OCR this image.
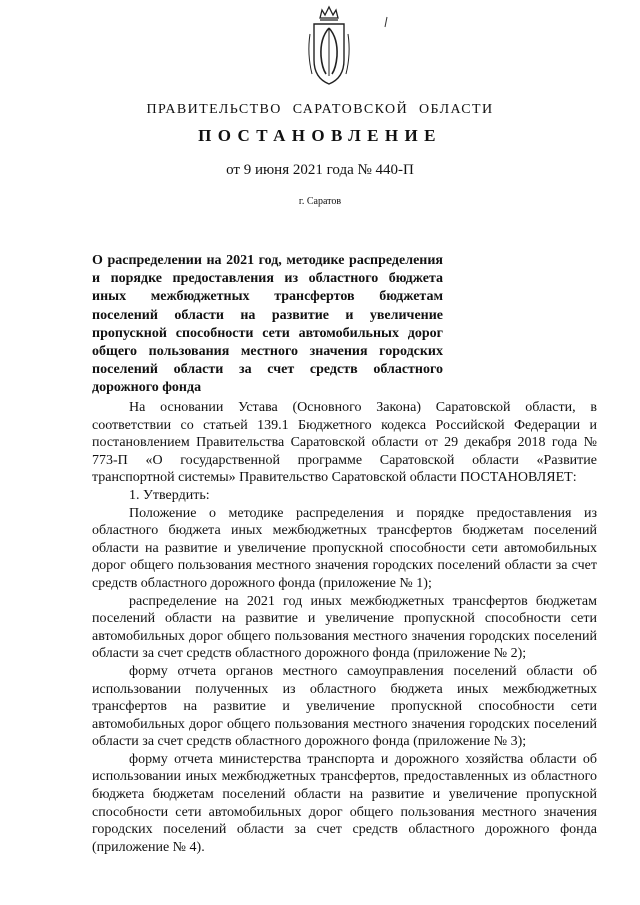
ПРАВИТЕЛЬСТВО САРАТОВСКОЙ ОБЛАСТИ
ПОСТАНОВЛЕНИЕ
от 9 июня 2021 года № 440-П
г. Саратов

О распределении на 2021 год, методике распределения и порядке предоставления из областного бюджета иных межбюджетных трансфертов бюджетам поселений области на развитие и увеличение пропускной способности сети автомобильных дорог общего пользования местного значения городских поселений области за счет средств областного дорожного фонда

На основании Устава (Основного Закона) Саратовской области, в соответствии со статьей 139.1 Бюджетного кодекса Российской Федерации и постановлением Правительства Саратовской области от 29 декабря 2018 года № 773-П «О государственной программе Саратовской области «Развитие транспортной системы» Правительство Саратовской области ПОСТАНОВЛЯЕТ:

1. Утвердить:

Положение о методике распределения и порядке предоставления из областного бюджета иных межбюджетных трансфертов бюджетам поселений области на развитие и увеличение пропускной способности сети автомобильных дорог общего пользования местного значения городских поселений области за счет средств областного дорожного фонда (приложение № 1);

распределение на 2021 год иных межбюджетных трансфертов бюджетам поселений области на развитие и увеличение пропускной способности сети автомобильных дорог общего пользования местного значения городских поселений области за счет средств областного дорожного фонда (приложение № 2);

форму отчета органов местного самоуправления поселений области об использовании полученных из областного бюджета иных межбюджетных трансфертов на развитие и увеличение пропускной способности сети автомобильных дорог общего пользования местного значения городских поселений области за счет средств областного дорожного фонда (приложение № 3);

форму отчета министерства транспорта и дорожного хозяйства области об использовании иных межбюджетных трансфертов, предоставленных из областного бюджета бюджетам поселений области на развитие и увеличение пропускной способности сети автомобильных дорог общего пользования местного значения городских поселений области за счет средств областного дорожного фонда (приложение № 4).
